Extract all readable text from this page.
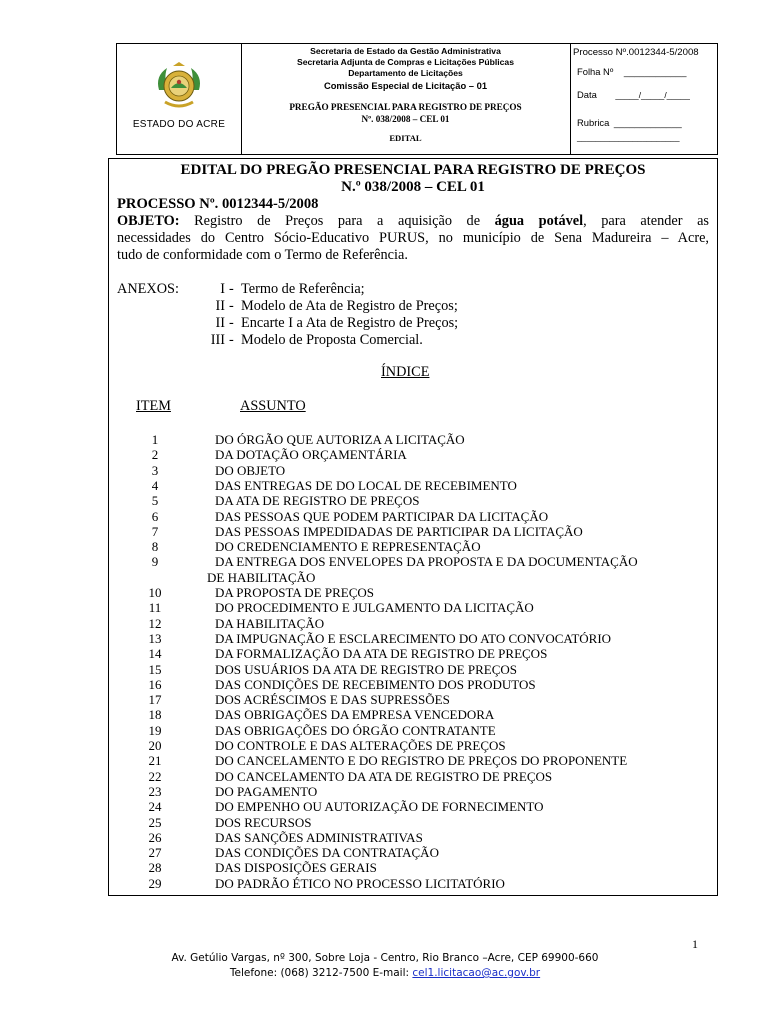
ESTADO DO ACRE
Secretaria de Estado da Gestão Administrativa
Secretaria Adjunta de Compras e Licitações Públicas
Departamento de Licitações
Comissão Especial de Licitação – 01
PREGÃO PRESENCIAL PARA REGISTRO DE PREÇOS
Nº. 038/2008 – CEL 01
EDITAL
Processo Nº.0012344-5/2008
Folha Nº ____________
Data _____/_____/_____
Rubrica _____________
______________________
EDITAL DO PREGÃO PRESENCIAL PARA REGISTRO DE PREÇOS
N.º 038/2008 – CEL 01
PROCESSO Nº. 0012344-5/2008
OBJETO: Registro de Preços para a aquisição de água potável, para atender as
necessidades do Centro Sócio-Educativo PURUS, no município de Sena Madureira – Acre,
tudo de conformidade com o Termo de Referência.
ANEXOS:	I - Termo de Referência;
II - Modelo de Ata de Registro de Preços;
II - Encarte I a Ata de Registro de Preços;
III - Modelo de Proposta Comercial.
ÍNDICE
ITEM	ASSUNTO
1	DO ÓRGÃO QUE AUTORIZA A LICITAÇÃO
2	DA DOTAÇÃO ORÇAMENTÁRIA
3	DO OBJETO
4	DAS ENTREGAS DE DO LOCAL DE RECEBIMENTO
5	DA ATA DE REGISTRO DE PREÇOS
6	DAS PESSOAS QUE PODEM PARTICIPAR DA LICITAÇÃO
7	DAS PESSOAS IMPEDIDADAS DE PARTICIPAR DA LICITAÇÃO
8	DO CREDENCIAMENTO E REPRESENTAÇÃO
9	DA ENTREGA DOS ENVELOPES DA PROPOSTA E DA DOCUMENTAÇÃO
DE HABILITAÇÃO
10	DA PROPOSTA DE PREÇOS
11	DO PROCEDIMENTO E JULGAMENTO DA LICITAÇÃO
12	DA HABILITAÇÃO
13	DA IMPUGNAÇÃO E ESCLARECIMENTO DO ATO CONVOCATÓRIO
14	DA FORMALIZAÇÃO DA ATA DE REGISTRO DE PREÇOS
15	DOS USUÁRIOS DA ATA DE REGISTRO DE PREÇOS
16	DAS CONDIÇÕES DE RECEBIMENTO DOS PRODUTOS
17	DOS ACRÉSCIMOS E DAS SUPRESSÕES
18	DAS OBRIGAÇÕES DA EMPRESA VENCEDORA
19	DAS OBRIGAÇÕES DO ÓRGÃO CONTRATANTE
20	DO CONTROLE E DAS ALTERAÇÕES DE PREÇOS
21	DO CANCELAMENTO E DO REGISTRO DE PREÇOS DO PROPONENTE
22	DO CANCELAMENTO DA ATA DE REGISTRO DE PREÇOS
23	DO PAGAMENTO
24	DO EMPENHO OU AUTORIZAÇÃO DE FORNECIMENTO
25	DOS RECURSOS
26	DAS SANÇÕES ADMINISTRATIVAS
27	DAS CONDIÇÕES DA CONTRATAÇÃO
28	DAS DISPOSIÇÕES GERAIS
29	DO PADRÃO ÉTICO NO PROCESSO LICITATÓRIO
1
Av. Getúlio Vargas, nº 300, Sobre Loja - Centro, Rio Branco –Acre, CEP 69900-660
Telefone: (068) 3212-7500 E-mail: cel1.licitacao@ac.gov.br
